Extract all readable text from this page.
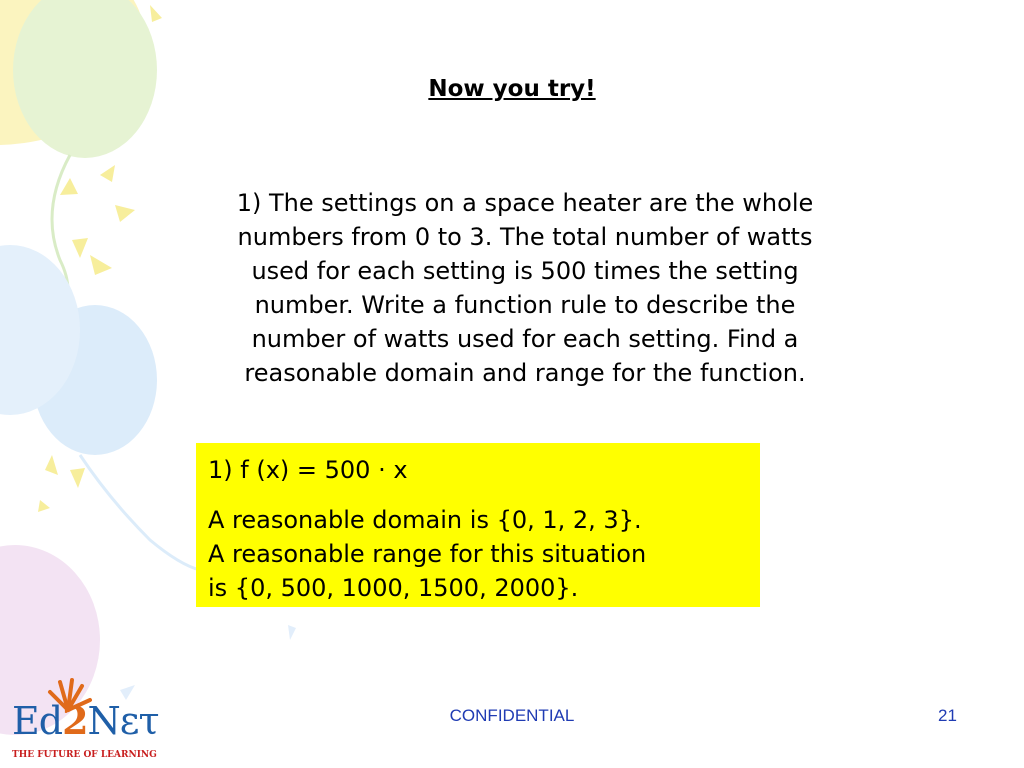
Now you try!
1) The settings on a space heater are the whole
numbers from 0 to 3. The total number of watts
used for each setting is 500 times the setting
number. Write a function rule to describe the
number of watts used for each setting. Find a
reasonable domain and range for the function.

1) f (x) = 500 · x

A reasonable domain is {0, 1, 2, 3}.

A reasonable range for this situation

is {0, 500, 1000, 1500, 2000}.

Ed2Nετ
THE FUTURE OF LEARNING
CONFIDENTIAL	21
